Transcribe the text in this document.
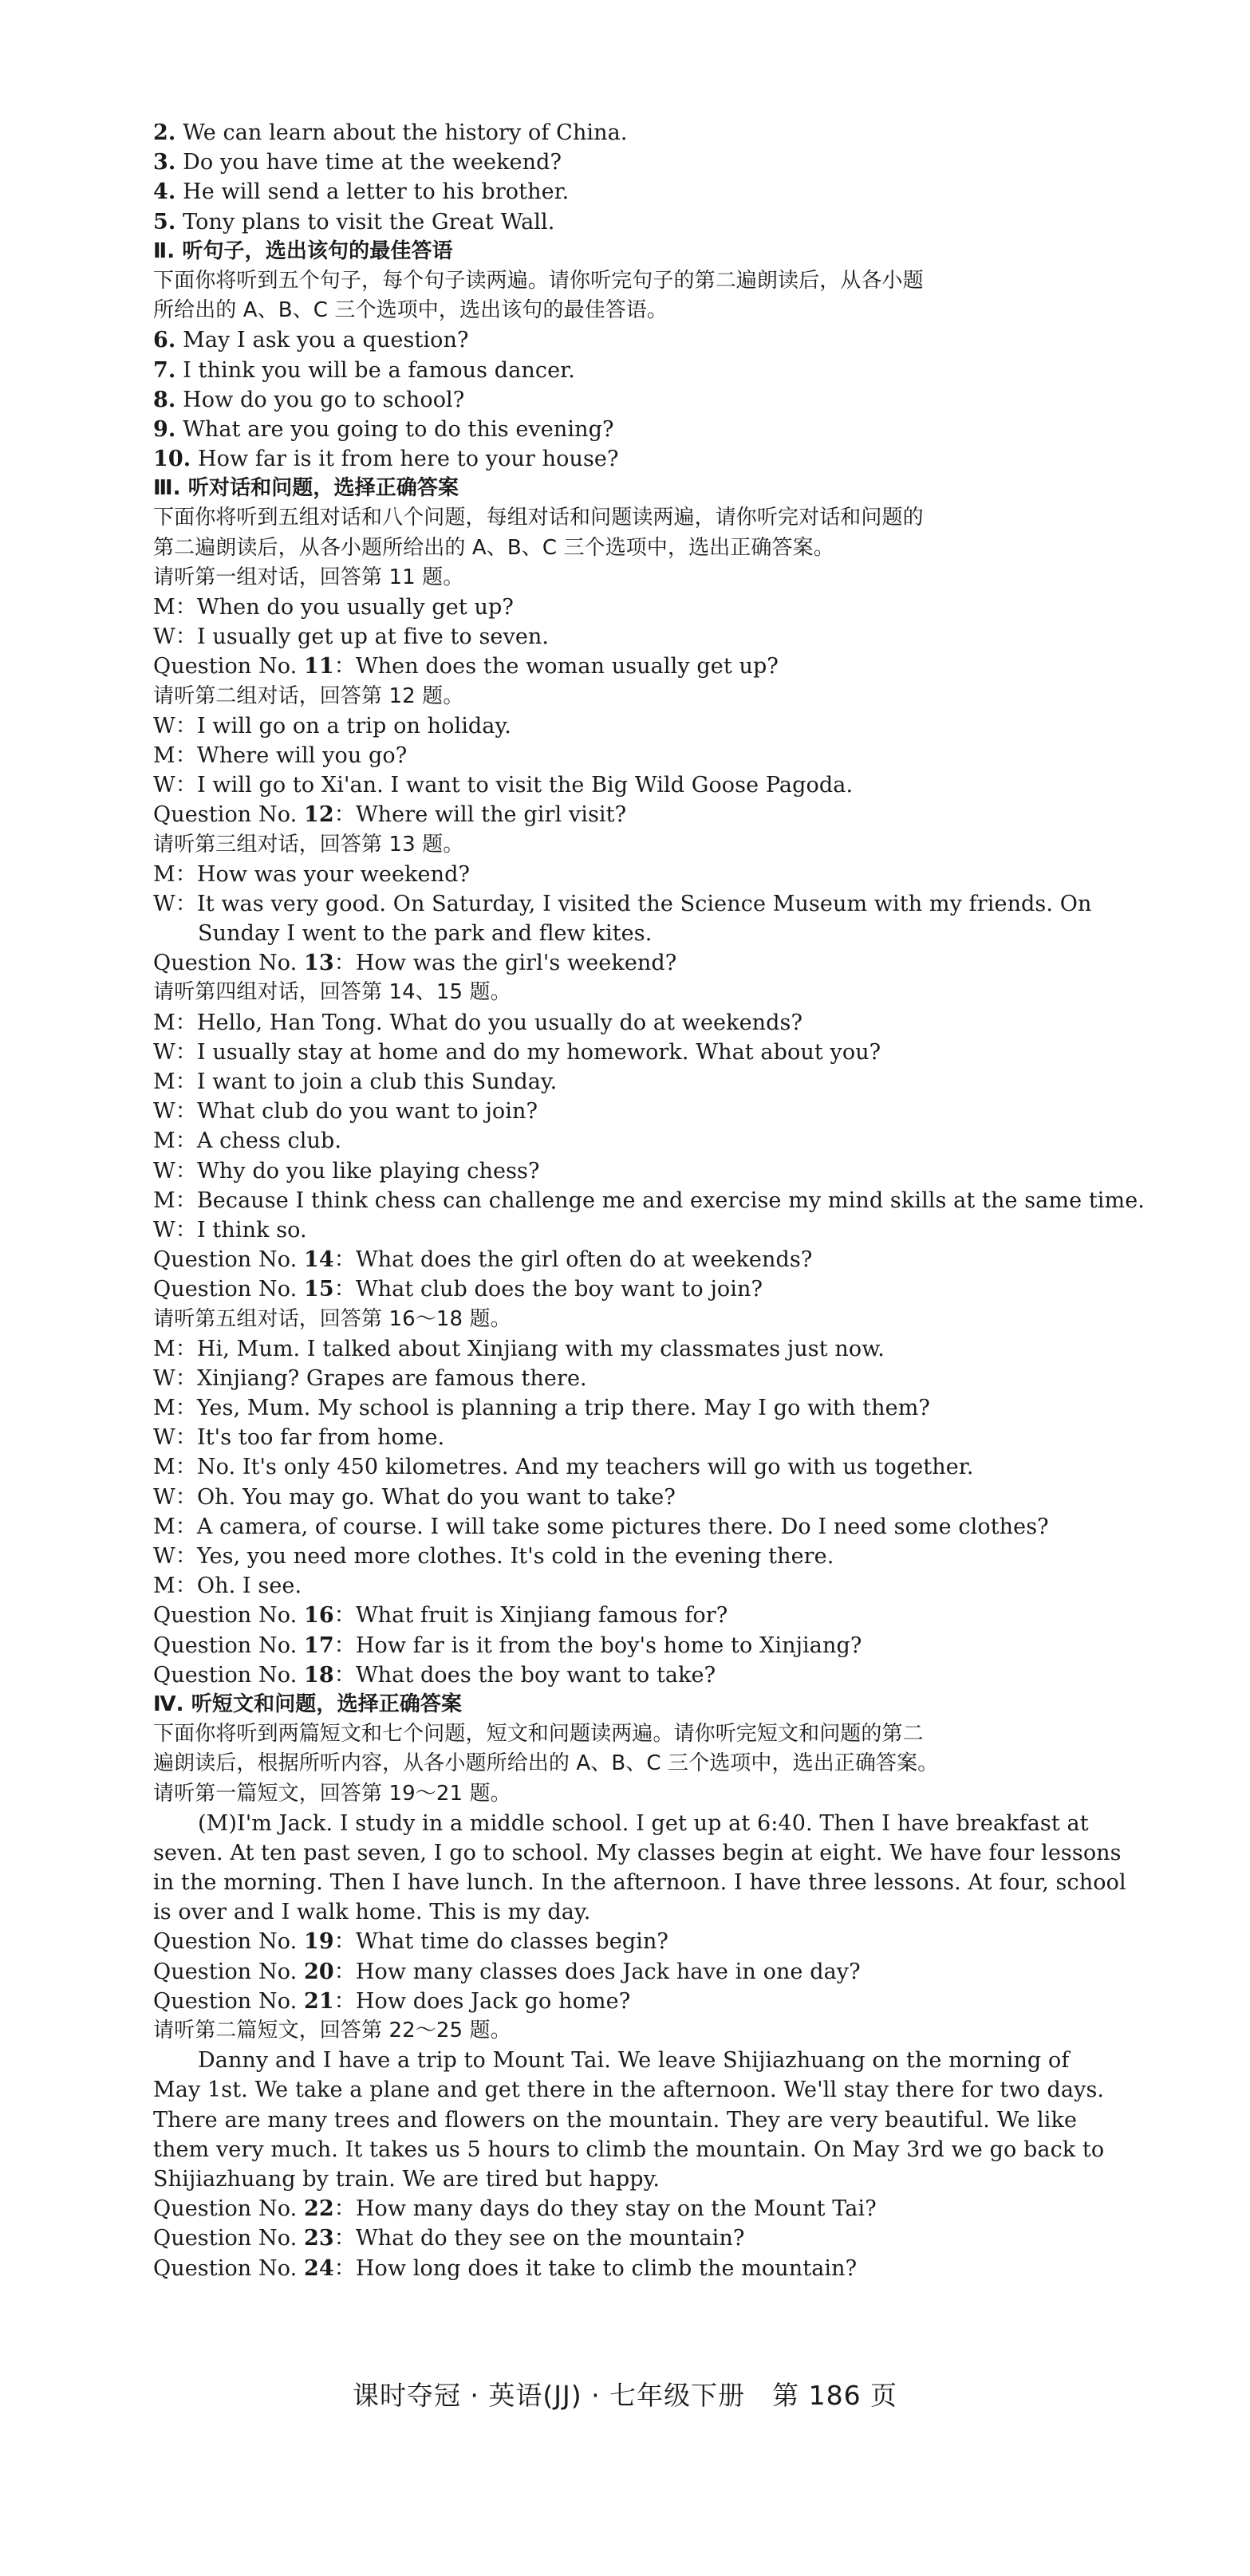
2. We can learn about the history of China.
3. Do you have time at the weekend?
4. He will send a letter to his brother.
5. Tony plans to visit the Great Wall.
Ⅱ. 听句子，选出该句的最佳答语
下面你将听到五个句子，每个句子读两遍。请你听完句子的第二遍朗读后，从各小题
所给出的 A、B、C 三个选项中，选出该句的最佳答语。
6. May I ask you a question?
7. I think you will be a famous dancer.
8. How do you go to school?
9. What are you going to do this evening?
10. How far is it from here to your house?
Ⅲ. 听对话和问题，选择正确答案
下面你将听到五组对话和八个问题，每组对话和问题读两遍，请你听完对话和问题的
第二遍朗读后，从各小题所给出的 A、B、C 三个选项中，选出正确答案。
请听第一组对话，回答第 11 题。
M：When do you usually get up?
W：I usually get up at five to seven.
Question No. 11：When does the woman usually get up?
请听第二组对话，回答第 12 题。
W：I will go on a trip on holiday.
M：Where will you go?
W：I will go to Xi'an. I want to visit the Big Wild Goose Pagoda.
Question No. 12：Where will the girl visit?
请听第三组对话，回答第 13 题。
M：How was your weekend?
W：It was very good. On Saturday, I visited the Science Museum with my friends. On
Sunday I went to the park and flew kites.
Question No. 13：How was the girl's weekend?
请听第四组对话，回答第 14、15 题。
M：Hello, Han Tong. What do you usually do at weekends?
W：I usually stay at home and do my homework. What about you?
M：I want to join a club this Sunday.
W：What club do you want to join?
M：A chess club.
W：Why do you like playing chess?
M：Because I think chess can challenge me and exercise my mind skills at the same time.
W：I think so.
Question No. 14：What does the girl often do at weekends?
Question No. 15：What club does the boy want to join?
请听第五组对话，回答第 16～18 题。
M：Hi, Mum. I talked about Xinjiang with my classmates just now.
W：Xinjiang? Grapes are famous there.
M：Yes, Mum. My school is planning a trip there. May I go with them?
W：It's too far from home.
M：No. It's only 450 kilometres. And my teachers will go with us together.
W：Oh. You may go. What do you want to take?
M：A camera, of course. I will take some pictures there. Do I need some clothes?
W：Yes, you need more clothes. It's cold in the evening there.
M：Oh. I see.
Question No. 16：What fruit is Xinjiang famous for?
Question No. 17：How far is it from the boy's home to Xinjiang?
Question No. 18：What does the boy want to take?
Ⅳ. 听短文和问题，选择正确答案
下面你将听到两篇短文和七个问题，短文和问题读两遍。请你听完短文和问题的第二
遍朗读后，根据所听内容，从各小题所给出的 A、B、C 三个选项中，选出正确答案。
请听第一篇短文，回答第 19～21 题。
(M)I'm Jack. I study in a middle school. I get up at 6:40. Then I have breakfast at
seven. At ten past seven, I go to school. My classes begin at eight. We have four lessons
in the morning. Then I have lunch. In the afternoon. I have three lessons. At four, school
is over and I walk home. This is my day.
Question No. 19：What time do classes begin?
Question No. 20：How many classes does Jack have in one day?
Question No. 21：How does Jack go home?
请听第二篇短文，回答第 22～25 题。
Danny and I have a trip to Mount Tai. We leave Shijiazhuang on the morning of
May 1st. We take a plane and get there in the afternoon. We'll stay there for two days.
There are many trees and flowers on the mountain. They are very beautiful. We like
them very much. It takes us 5 hours to climb the mountain. On May 3rd we go back to
Shijiazhuang by train. We are tired but happy.
Question No. 22：How many days do they stay on the Mount Tai?
Question No. 23：What do they see on the mountain?
Question No. 24：How long does it take to climb the mountain?
课时夺冠 · 英语(JJ) · 七年级下册　第 186 页
